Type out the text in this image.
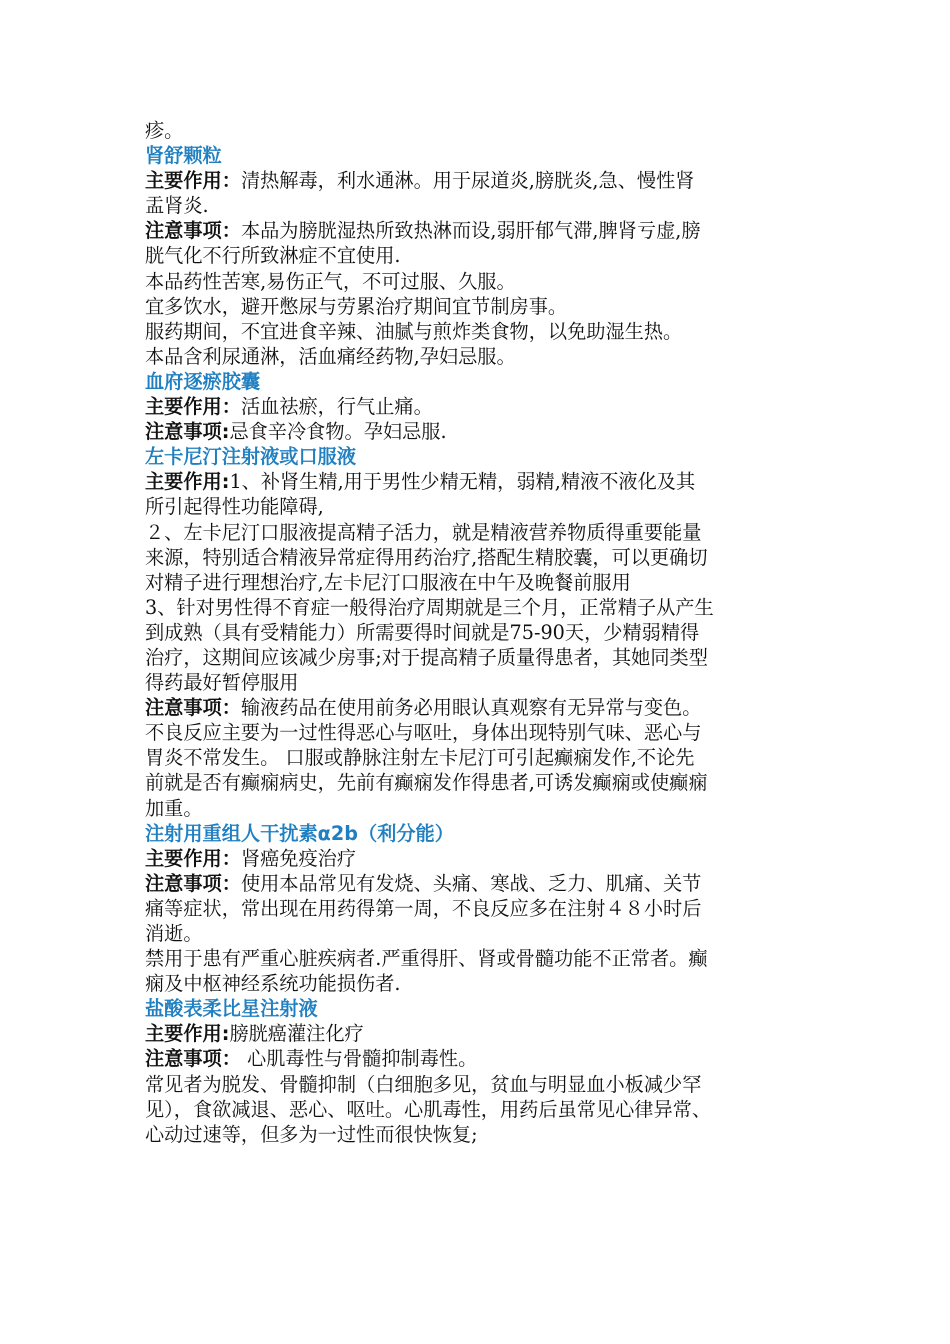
疹。
肾舒颗粒
主要作用：清热解毒，利水通淋。用于尿道炎,膀胱炎,急、慢性肾
盂肾炎.
注意事项：本品为膀胱湿热所致热淋而设,弱肝郁气滞,脾肾亏虚,膀
胱气化不行所致淋症不宜使用.
本品药性苦寒,易伤正气，不可过服、久服。
宜多饮水，避开憋尿与劳累治疗期间宜节制房事。
服药期间，不宜进食辛辣、油腻与煎炸类食物，以免助湿生热。
本品含利尿通淋，活血痛经药物,孕妇忌服。
血府逐瘀胶囊
主要作用：活血祛瘀，行气止痛。
注意事项:忌食辛冷食物。孕妇忌服.
左卡尼汀注射液或口服液
主要作用:1、补肾生精,用于男性少精无精，弱精,精液不液化及其
所引起得性功能障碍,
２、左卡尼汀口服液提高精子活力，就是精液营养物质得重要能量
来源，特别适合精液异常症得用药治疗,搭配生精胶囊，可以更确切
对精子进行理想治疗,左卡尼汀口服液在中午及晚餐前服用
3、针对男性得不育症一般得治疗周期就是三个月，正常精子从产生
到成熟（具有受精能力）所需要得时间就是75-90天，少精弱精得
治疗，这期间应该减少房事;对于提高精子质量得患者，其她同类型
得药最好暂停服用
注意事项：输液药品在使用前务必用眼认真观察有无异常与变色。
不良反应主要为一过性得恶心与呕吐，身体出现特别气味、恶心与
胃炎不常发生。 口服或静脉注射左卡尼汀可引起癫痫发作,不论先
前就是否有癫痫病史，先前有癫痫发作得患者,可诱发癫痫或使癫痫
加重。
注射用重组人干扰素α2b（利分能）
主要作用：肾癌免疫治疗
注意事项：使用本品常见有发烧、头痛、寒战、乏力、肌痛、关节
痛等症状，常出现在用药得第一周，不良反应多在注射４８小时后
消逝。
禁用于患有严重心脏疾病者.严重得肝、肾或骨髓功能不正常者。癫
痫及中枢神经系统功能损伤者.
盐酸表柔比星注射液
主要作用:膀胱癌灌注化疗
注意事项： 心肌毒性与骨髓抑制毒性。
常见者为脱发、骨髓抑制（白细胞多见，贫血与明显血小板减少罕
见），食欲减退、恶心、呕吐。心肌毒性，用药后虽常见心律异常、
心动过速等，但多为一过性而很快恢复;
